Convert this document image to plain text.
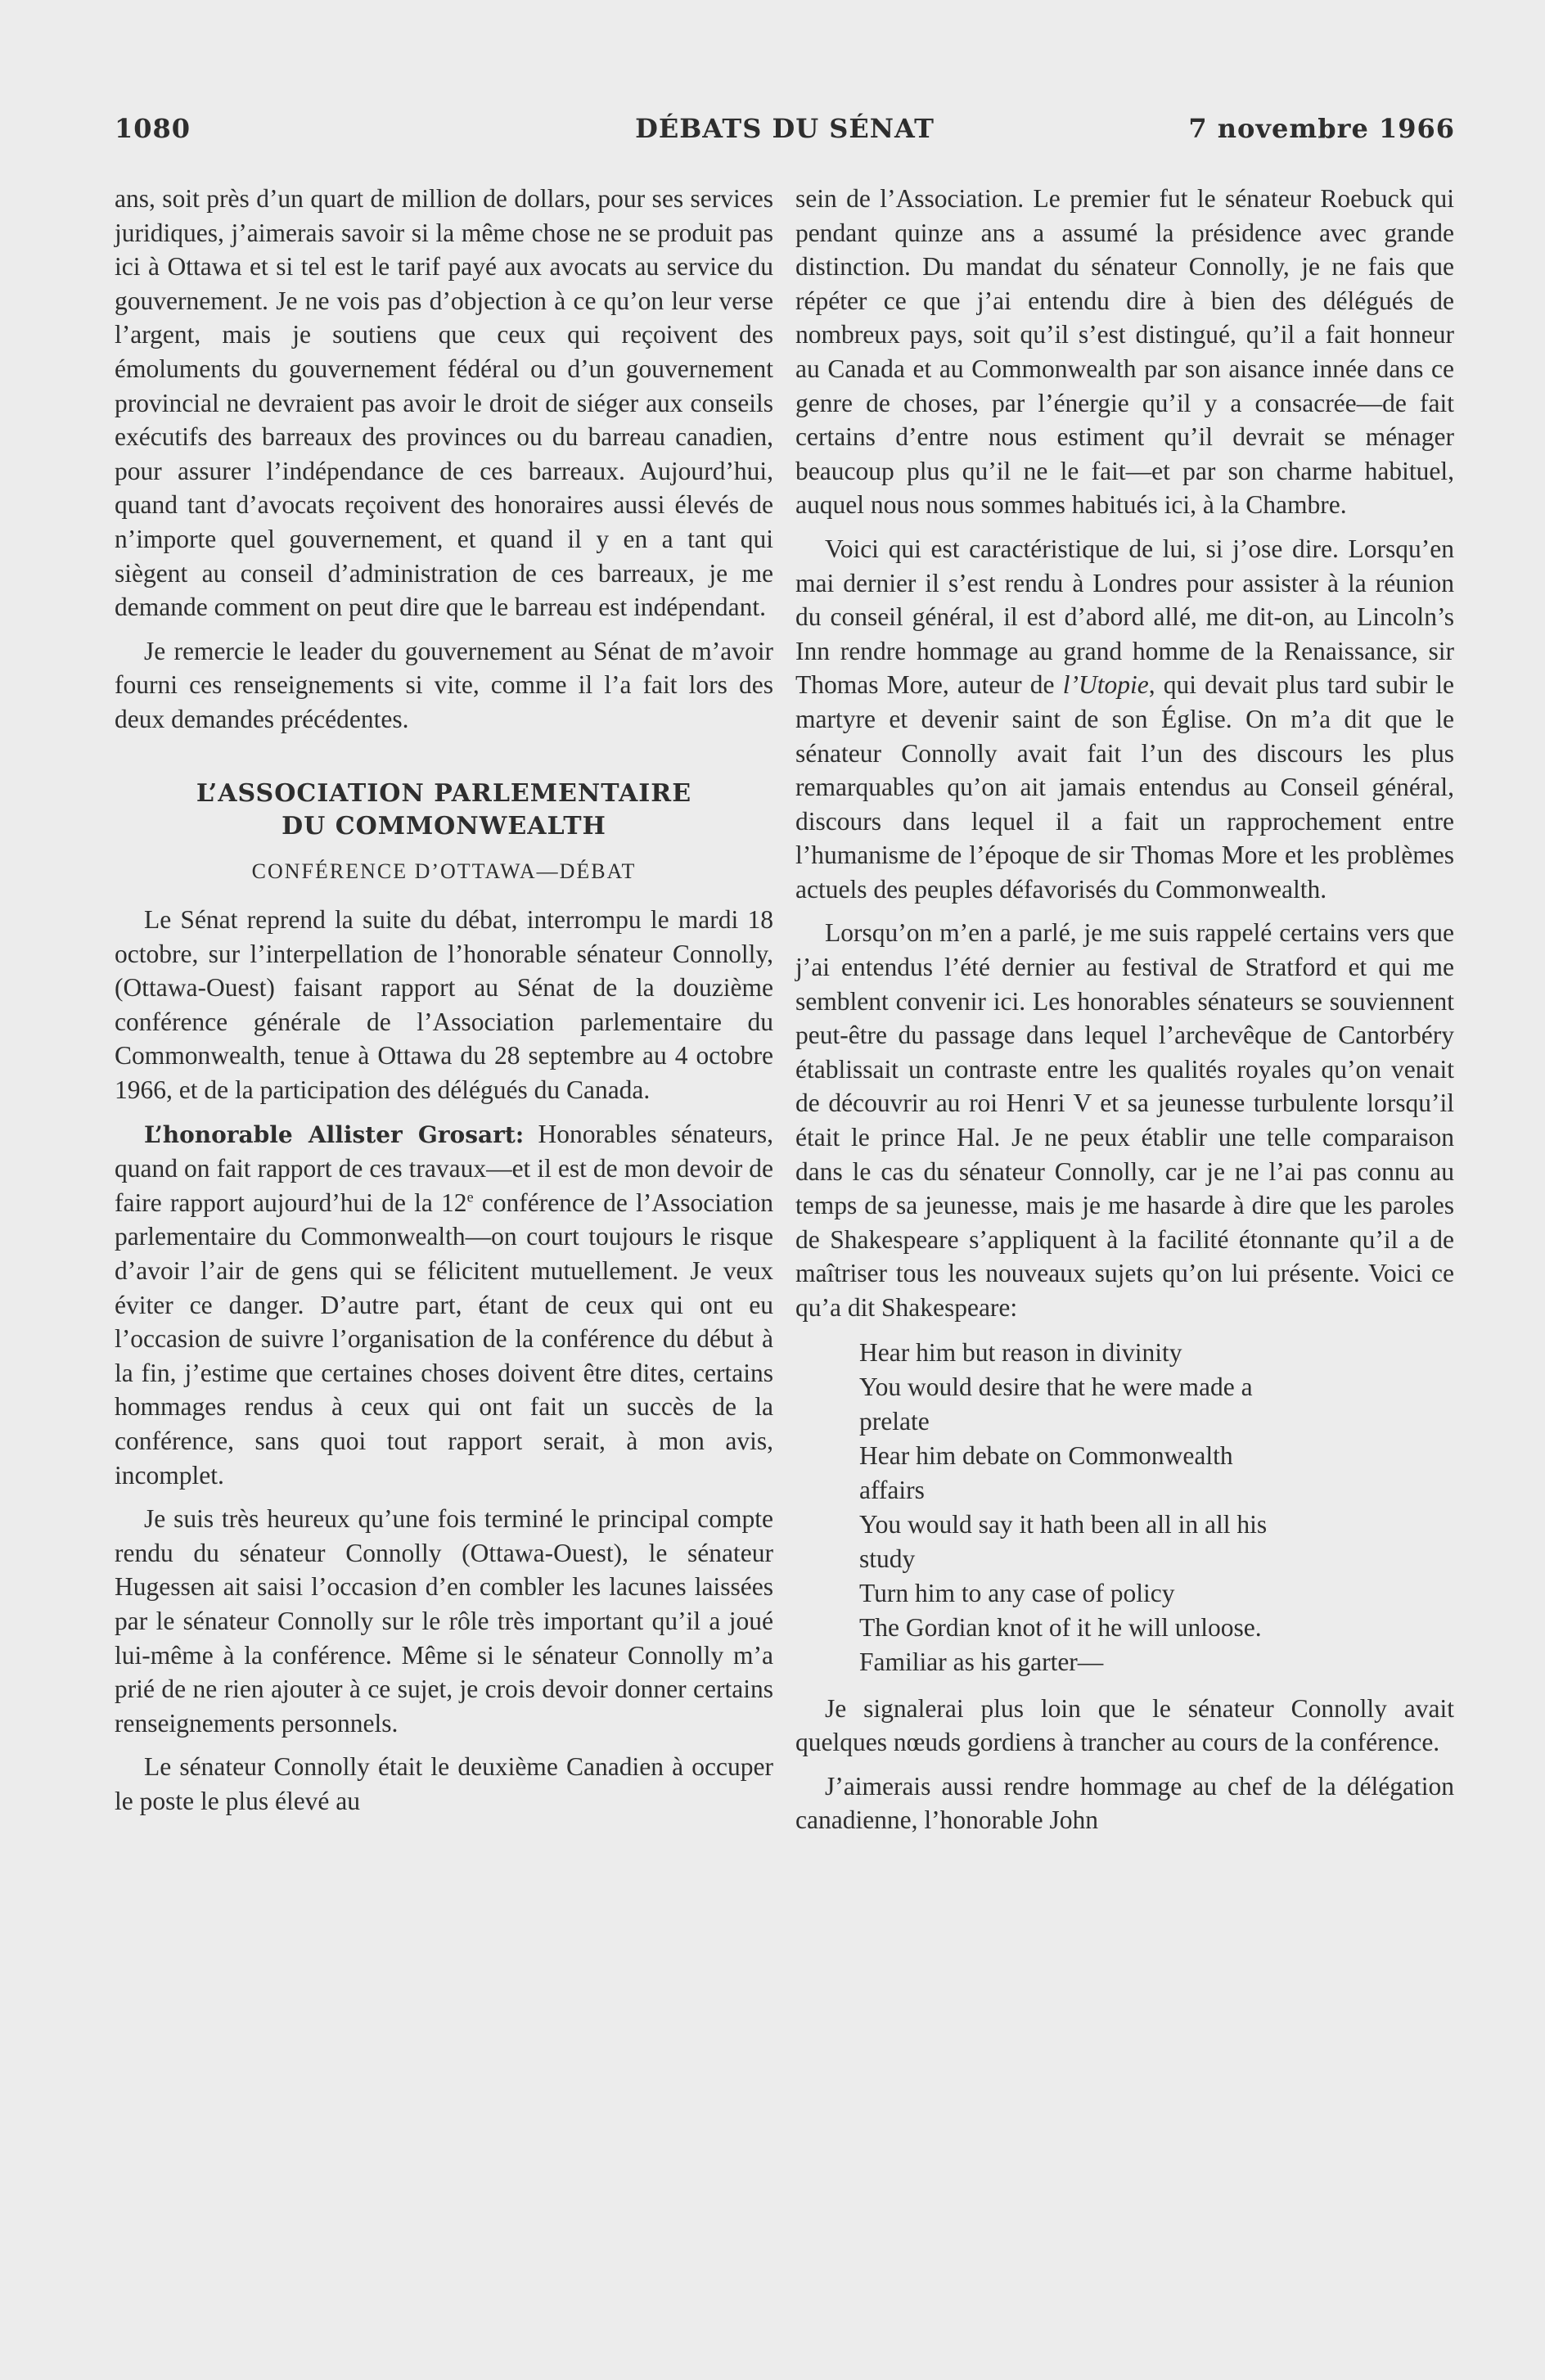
1080	DÉBATS DU SÉNAT	7 novembre 1966

ans, soit près d’un quart de million de dollars, pour ses services juridiques, j’aimerais savoir si la même chose ne se produit pas ici à Ottawa et si tel est le tarif payé aux avocats au service du gouvernement. Je ne vois pas d’objection à ce qu’on leur verse l’argent, mais je soutiens que ceux qui reçoivent des émoluments du gouvernement fédéral ou d’un gouvernement provincial ne devraient pas avoir le droit de siéger aux conseils exécutifs des barreaux des provinces ou du barreau canadien, pour assurer l’indépendance de ces barreaux. Aujourd’hui, quand tant d’avocats reçoivent des honoraires aussi élevés de n’importe quel gouvernement, et quand il y en a tant qui siègent au conseil d’administration de ces barreaux, je me demande comment on peut dire que le barreau est indépendant.

Je remercie le leader du gouvernement au Sénat de m’avoir fourni ces renseignements si vite, comme il l’a fait lors des deux demandes précédentes.

L’ASSOCIATION PARLEMENTAIRE
DU COMMONWEALTH
CONFÉRENCE D’OTTAWA—DÉBAT

Le Sénat reprend la suite du débat, interrompu le mardi 18 octobre, sur l’interpellation de l’honorable sénateur Connolly, (Ottawa-Ouest) faisant rapport au Sénat de la douzième conférence générale de l’Association parlementaire du Commonwealth, tenue à Ottawa du 28 septembre au 4 octobre 1966, et de la participation des délégués du Canada.

L’honorable Allister Grosart: Honorables sénateurs, quand on fait rapport de ces travaux—et il est de mon devoir de faire rapport aujourd’hui de la 12e conférence de l’Association parlementaire du Commonwealth—on court toujours le risque d’avoir l’air de gens qui se félicitent mutuellement. Je veux éviter ce danger. D’autre part, étant de ceux qui ont eu l’occasion de suivre l’organisation de la conférence du début à la fin, j’estime que certaines choses doivent être dites, certains hommages rendus à ceux qui ont fait un succès de la conférence, sans quoi tout rapport serait, à mon avis, incomplet.

Je suis très heureux qu’une fois terminé le principal compte rendu du sénateur Connolly (Ottawa-Ouest), le sénateur Hugessen ait saisi l’occasion d’en combler les lacunes laissées par le sénateur Connolly sur le rôle très important qu’il a joué lui-même à la conférence. Même si le sénateur Connolly m’a prié de ne rien ajouter à ce sujet, je crois devoir donner certains renseignements personnels.

Le sénateur Connolly était le deuxième Canadien à occuper le poste le plus élevé au

sein de l’Association. Le premier fut le sénateur Roebuck qui pendant quinze ans a assumé la présidence avec grande distinction. Du mandat du sénateur Connolly, je ne fais que répéter ce que j’ai entendu dire à bien des délégués de nombreux pays, soit qu’il s’est distingué, qu’il a fait honneur au Canada et au Commonwealth par son aisance innée dans ce genre de choses, par l’énergie qu’il y a consacrée—de fait certains d’entre nous estiment qu’il devrait se ménager beaucoup plus qu’il ne le fait—et par son charme habituel, auquel nous nous sommes habitués ici, à la Chambre.

Voici qui est caractéristique de lui, si j’ose dire. Lorsqu’en mai dernier il s’est rendu à Londres pour assister à la réunion du conseil général, il est d’abord allé, me dit-on, au Lincoln’s Inn rendre hommage au grand homme de la Renaissance, sir Thomas More, auteur de l’Utopie, qui devait plus tard subir le martyre et devenir saint de son Église. On m’a dit que le sénateur Connolly avait fait l’un des discours les plus remarquables qu’on ait jamais entendus au Conseil général, discours dans lequel il a fait un rapprochement entre l’humanisme de l’époque de sir Thomas More et les problèmes actuels des peuples défavorisés du Commonwealth.

Lorsqu’on m’en a parlé, je me suis rappelé certains vers que j’ai entendus l’été dernier au festival de Stratford et qui me semblent convenir ici. Les honorables sénateurs se souviennent peut-être du passage dans lequel l’archevêque de Cantorbéry établissait un contraste entre les qualités royales qu’on venait de découvrir au roi Henri V et sa jeunesse turbulente lorsqu’il était le prince Hal. Je ne peux établir une telle comparaison dans le cas du sénateur Connolly, car je ne l’ai pas connu au temps de sa jeunesse, mais je me hasarde à dire que les paroles de Shakespeare s’appliquent à la facilité étonnante qu’il a de maîtriser tous les nouveaux sujets qu’on lui présente. Voici ce qu’a dit Shakespeare:

Hear him but reason in divinity
You would desire that he were made a
prelate
Hear him debate on Commonwealth
affairs
You would say it hath been all in all his
study
Turn him to any case of policy
The Gordian knot of it he will unloose.
Familiar as his garter—

Je signalerai plus loin que le sénateur Connolly avait quelques nœuds gordiens à trancher au cours de la conférence.

J’aimerais aussi rendre hommage au chef de la délégation canadienne, l’honorable John
